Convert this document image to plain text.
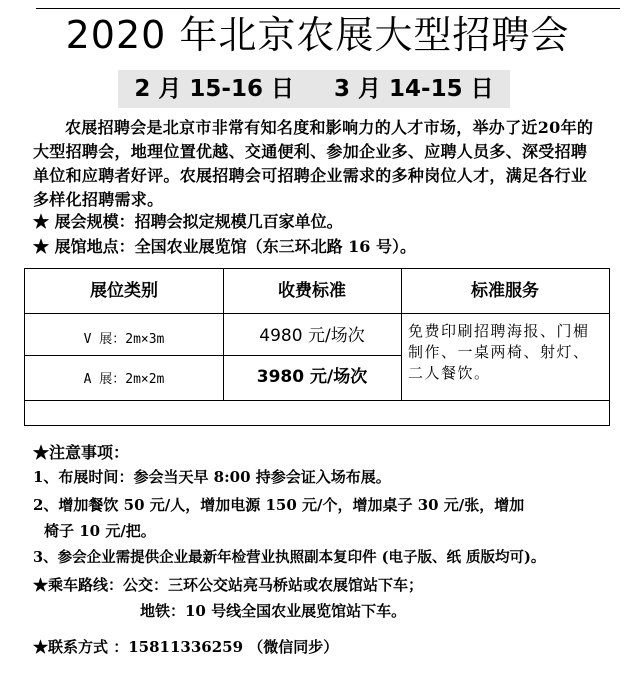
2020 年北京农展大型招聘会
2 月 15-16 日     3 月 14-15 日
农展招聘会是北京市非常有知名度和影响力的人才市场，举办了近20年的大型招聘会，地理位置优越、交通便利、参加企业多、应聘人员多、深受招聘单位和应聘者好评。农展招聘会可招聘企业需求的多种岗位人才，满足各行业多样化招聘需求。
★ 展会规模：招聘会拟定规模几百家单位。
★ 展馆地点：全国农业展览馆（东三环北路 16 号）。
展位类别	收费标准	标准服务
V 展：2m×3m	4980 元/场次
A 展：2m×2m	3980 元/场次
免费印刷招聘海报、门楣制作、一桌两椅、射灯、二人餐饮。
★注意事项：
1、布展时间：参会当天早 8:00 持参会证入场布展。
2、增加餐饮 50 元/人，增加电源 150 元/个，增加桌子 30 元/张，增加
椅子 10 元/把。
3、参会企业需提供企业最新年检营业执照副本复印件 (电子版、纸 质版均可)。
★乘车路线：公交：三环公交站亮马桥站或农展馆站下车；
地铁：10 号线全国农业展览馆站下车。
★联系方式 ：15811336259 （微信同步）
